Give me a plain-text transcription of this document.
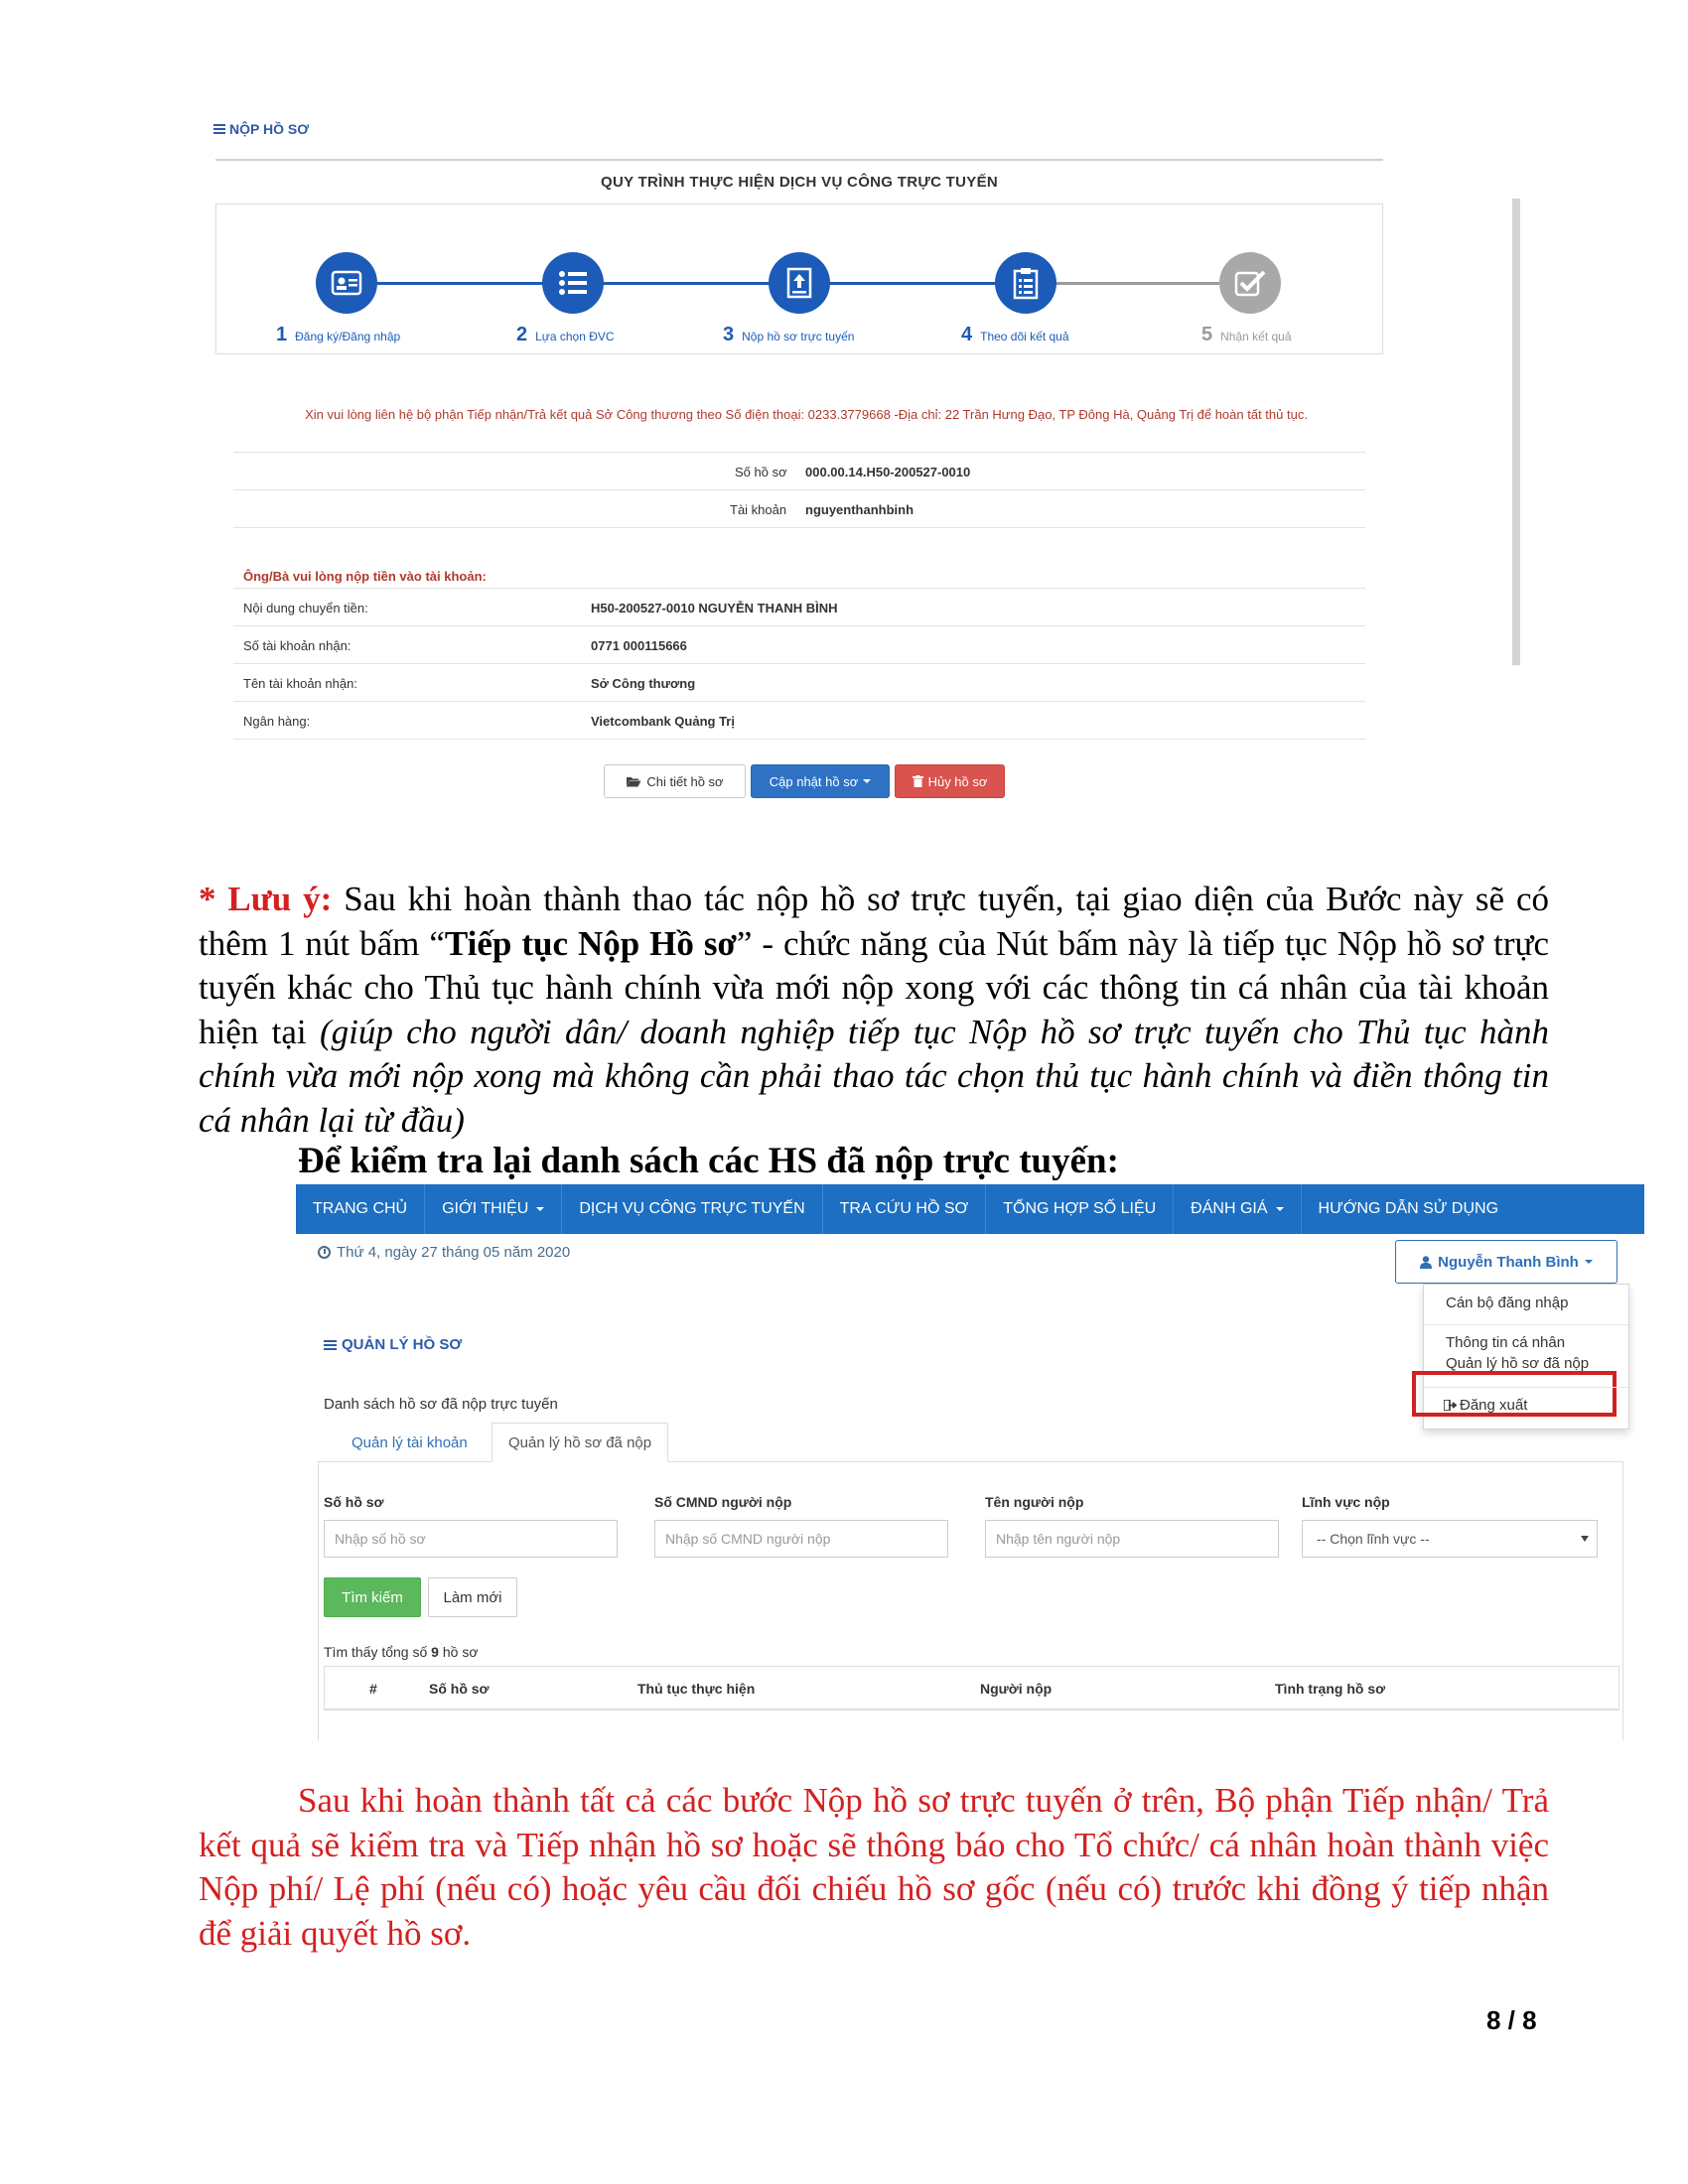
NỘP HỒ SƠ
QUY TRÌNH THỰC HIỆN DỊCH VỤ CÔNG TRỰC TUYẾN
1 Đăng ký/Đăng nhập	2 Lựa chọn ĐVC	3 Nộp hồ sơ trực tuyến	4 Theo dõi kết quả	5 Nhận kết quả
Xin vui lòng liên hệ bộ phận Tiếp nhận/Trả kết quả Sở Công thương theo Số điện thoại: 0233.3779668 -Địa chỉ: 22 Trần Hưng Đạo, TP Đông Hà, Quảng Trị để hoàn tất thủ tục.
Số hồ sơ 000.00.14.H50-200527-0010
Tài khoản nguyenthanhbinh
Ông/Bà vui lòng nộp tiền vào tài khoản:
Nội dung chuyển tiền:	H50-200527-0010 NGUYỄN THANH BÌNH
Số tài khoản nhận:	0771 000115666
Tên tài khoản nhận:	Sở Công thương
Ngân hàng:	Vietcombank Quảng Trị
Chi tiết hồ sơ	Cập nhật hồ sơ	Hủy hồ sơ
* Lưu ý: Sau khi hoàn thành thao tác nộp hồ sơ trực tuyến, tại giao diện của Bước này sẽ có thêm 1 nút bấm “Tiếp tục Nộp Hồ sơ” - chức năng của Nút bấm này là tiếp tục Nộp hồ sơ trực tuyến khác cho Thủ tục hành chính vừa mới nộp xong với các thông tin cá nhân của tài khoản hiện tại (giúp cho người dân/ doanh nghiệp tiếp tục Nộp hồ sơ trực tuyến cho Thủ tục hành chính vừa mới nộp xong mà không cần phải thao tác chọn thủ tục hành chính và điền thông tin cá nhân lại từ đầu)
Để kiểm tra lại danh sách các HS đã nộp trực tuyến:
TRANG CHỦ GIỚI THIỆU	DỊCH VỤ CÔNG TRỰC TUYẾN TRA CỨU HỒ SƠ TỔNG HỢP SỐ LIỆU ĐÁNH GIÁ	HƯỚNG DẪN SỬ DỤNG
Thứ 4, ngày 27 tháng 05 năm 2020
Nguyễn Thanh Bình
Cán bộ đăng nhập
Thông tin cá nhân
Quản lý hồ sơ đã nộp
Đăng xuất
QUẢN LÝ HỒ SƠ
Danh sách hồ sơ đã nộp trực tuyến
Quản lý tài khoản	Quản lý hồ sơ đã nộp
Số hồ sơ
Nhập số hồ sơ
Số CMND người nộp
Nhập số CMND người nộp
Tên người nộp
Nhập tên người nộp
Lĩnh vực nộp
-- Chọn lĩnh vực --
Tìm kiếm	Làm mới
Tìm thấy tổng số 9 hồ sơ
#	Số hồ sơ	Thủ tục thực hiện	Người nộp	Tình trạng hồ sơ
Sau khi hoàn thành tất cả các bước Nộp hồ sơ trực tuyến ở trên, Bộ phận Tiếp nhận/ Trả kết quả sẽ kiểm tra và Tiếp nhận hồ sơ hoặc sẽ thông báo cho Tổ chức/ cá nhân hoàn thành việc Nộp phí/ Lệ phí (nếu có) hoặc yêu cầu đối chiếu hồ sơ gốc (nếu có) trước khi đồng ý tiếp nhận để giải quyết hồ sơ.
8 / 8
